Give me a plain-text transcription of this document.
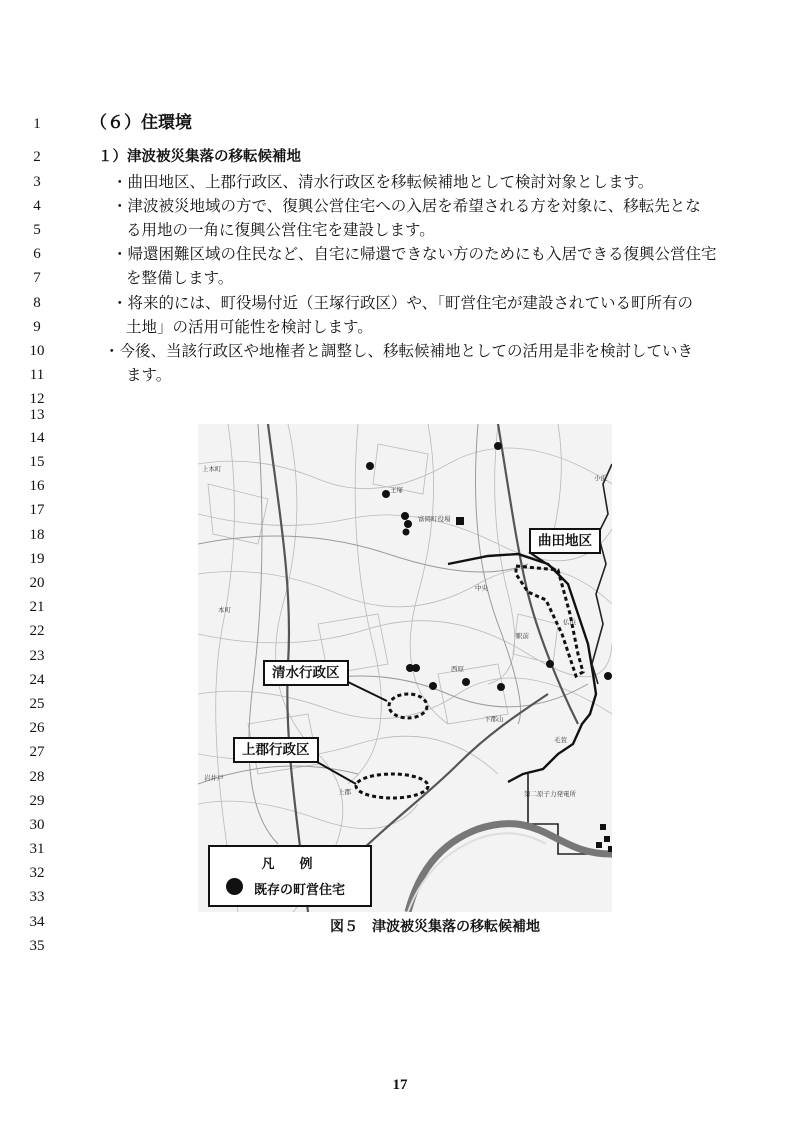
1
2
3
4
5
6
7
8
9
10
11
12
13
14
15
16
17
18
19
20
21
22
23
24
25
26
27
28
29
30
31
32
33
34
35
（６）住環境
１）津波被災集落の移転候補地
・曲田地区、上郡行政区、清水行政区を移転候補地として検討対象とします。
・津波被災地域の方で、復興公営住宅への入居を希望される方を対象に、移転先とな
る用地の一角に復興公営住宅を建設します。
・帰還困難区域の住民など、自宅に帰還できない方のためにも入居できる復興公営住宅
を整備します。
・将来的には、町役場付近（王塚行政区）や、「町営住宅が建設されている町所有の
土地」の活用可能性を検討します。
・今後、当該行政区や地権者と調整し、移転候補地としての活用是非を検討していき
ます。
上本町
王塚
富岡町役場
小浜
中央
本町
仏浜
駅前
西原
下郡山
毛萱
岩井戸
上郡	第二原子力発電所
曲田地区
清水行政区
上郡行政区
凡　例
既存の町営住宅
図５　津波被災集落の移転候補地
17
